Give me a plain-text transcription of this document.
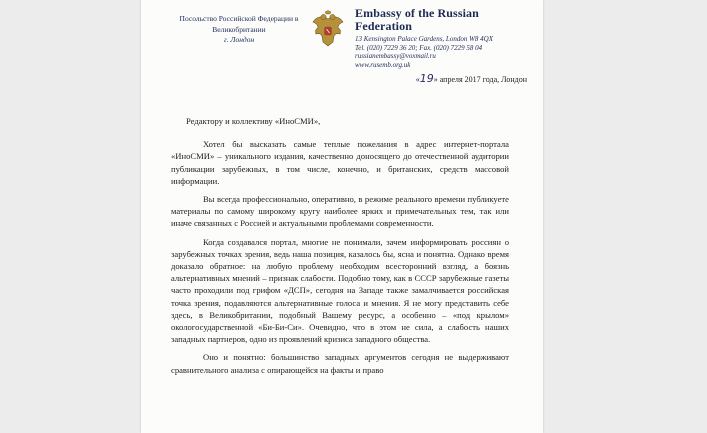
Посольство Российской Федерации в Великобритании
г. Лондон
Embassy of the Russian Federation
13 Kensington Palace Gardens, London W8 4QX
Tel. (020) 7229 36 20; Fax. (020) 7229 58 04
russianembassy@voxmail.ru
www.rusemb.org.uk
«19» апреля 2017 года, Лондон

Редактору и коллективу «ИноСМИ»,

Хотел бы высказать самые теплые пожелания в адрес интернет-портала «ИноСМИ» – уникального издания, качественно доносящего до отечественной аудитории публикации зарубежных, в том числе, конечно, и британских, средств массовой информации.

Вы всегда профессионально, оперативно, в режиме реального времени публикуете материалы по самому широкому кругу наиболее ярких и примечательных тем, так или иначе связанных с Россией и актуальными проблемами современности.

Когда создавался портал, многие не понимали, зачем информировать россиян о зарубежных точках зрения, ведь наша позиция, казалось бы, ясна и понятна. Однако время доказало обратное: на любую проблему необходим всесторонний взгляд, а боязнь альтернативных мнений – признак слабости. Подобно тому, как в СССР зарубежные газеты часто проходили под грифом «ДСП», сегодня на Западе также замалчивается российская точка зрения, подавляются альтернативные голоса и мнения. Я не могу представить себе здесь, в Великобритании, подобный Вашему ресурс, а особенно – «под крылом» окологосударственной «Би-Би-Си». Очевидно, что в этом не сила, а слабость наших западных партнеров, одно из проявлений кризиса западного общества.

Оно и понятно: большинство западных аргументов сегодня не выдерживают сравнительного анализа с опирающейся на факты и право
